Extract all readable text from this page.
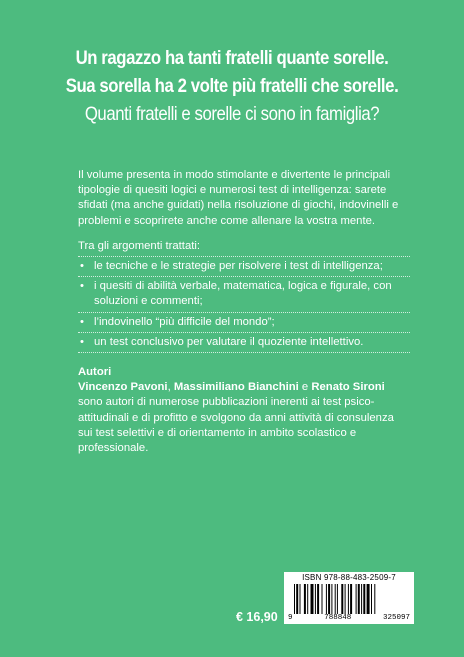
Un ragazzo ha tanti fratelli quante sorelle.
Sua sorella ha 2 volte più fratelli che sorelle.
Quanti fratelli e sorelle ci sono in famiglia?

Il volume presenta in modo stimolante e divertente le principali tipologie di quesiti logici e numerosi test di intelligenza: sarete sfidati (ma anche guidati) nella risoluzione di giochi, indovinelli e problemi e scoprirete anche come allenare la vostra mente.

Tra gli argomenti trattati:

• le tecniche e le strategie per risolvere i test di intelligenza;
• i quesiti di abilità verbale, matematica, logica e figurale, con soluzioni e commenti;
• l’indovinello “più difficile del mondo”;
• un test conclusivo per valutare il quoziente intellettivo.

Autori

Vincenzo Pavoni, Massimiliano Bianchini e Renato Sironi sono autori di numerose pubblicazioni inerenti ai test psico-attitudinali e di profitto e svolgono da anni attività di consulenza sui test selettivi e di orientamento in ambito scolastico e professionale.

€ 16,90
ISBN 978-88-483-2509-7
9	788848	325097
